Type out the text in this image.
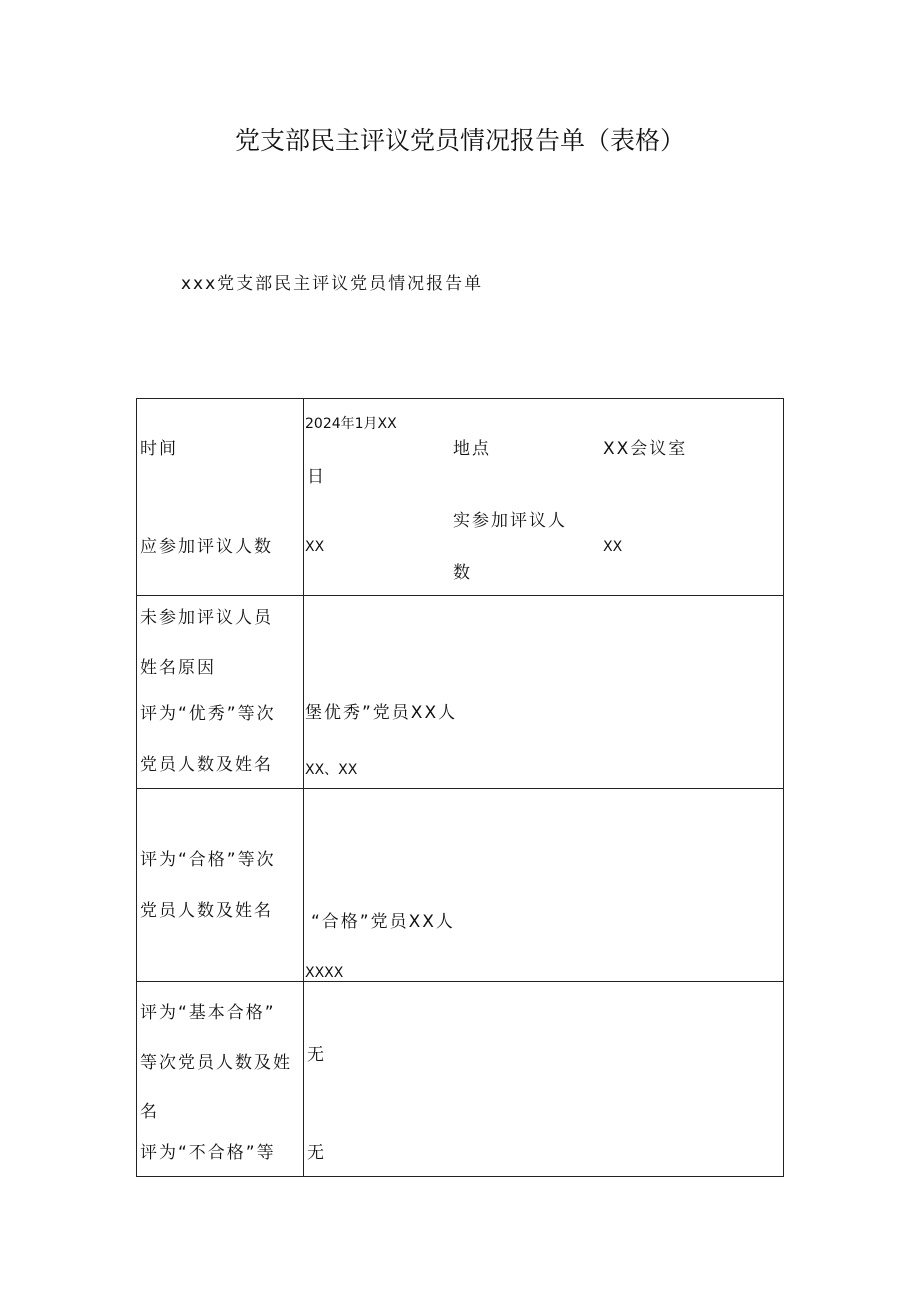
党支部民主评议党员情况报告单（表格）
xxx党支部民主评议党员情况报告单
时间
2024年1月XX
日
地点	XX会议室
应参加评议人数 XX
实参加评议人
数
XX
未参加评议人员
姓名原因
评为“优秀”等次
党员人数及姓名
堡优秀”党员XX人
XX、XX
评为“合格”等次
党员人数及姓名
“合格”党员XX人
XXXX
评为“基本合格”
等次党员人数及姓
名
无
评为“不合格”等 无
